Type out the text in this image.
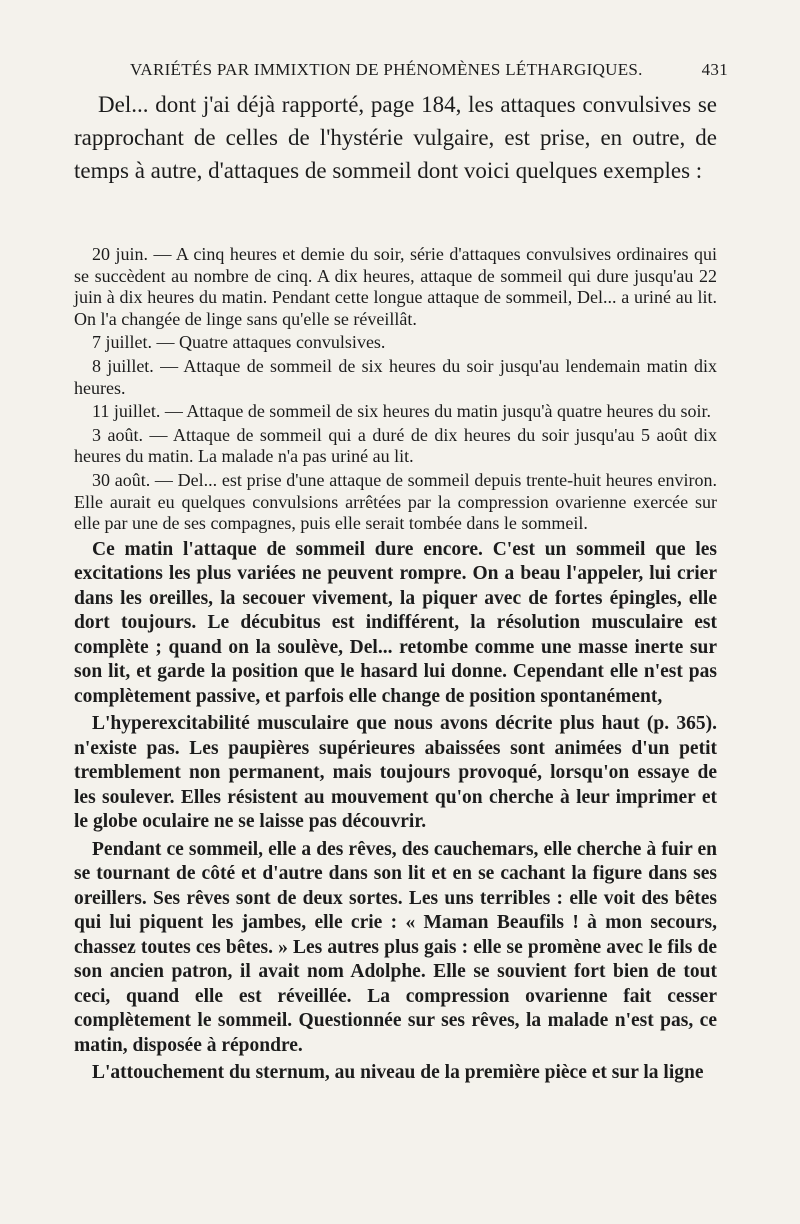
VARIÉTÉS PAR IMMIXTION DE PHÉNOMÈNES LÉTHARGIQUES.	431

Del... dont j'ai déjà rapporté, page 184, les attaques convulsives se rapprochant de celles de l'hystérie vulgaire, est prise, en outre, de temps à autre, d'attaques de sommeil dont voici quelques exemples :

20 juin. — A cinq heures et demie du soir, série d'attaques convulsives ordinaires qui se succèdent au nombre de cinq. A dix heures, attaque de sommeil qui dure jusqu'au 22 juin à dix heures du matin. Pendant cette longue attaque de sommeil, Del... a uriné au lit. On l'a changée de linge sans qu'elle se réveillât.

7 juillet. — Quatre attaques convulsives.

8 juillet. — Attaque de sommeil de six heures du soir jusqu'au lendemain matin dix heures.

11 juillet. — Attaque de sommeil de six heures du matin jusqu'à quatre heures du soir.

3 août. — Attaque de sommeil qui a duré de dix heures du soir jusqu'au 5 août dix heures du matin. La malade n'a pas uriné au lit.

30 août. — Del... est prise d'une attaque de sommeil depuis trente-huit heures environ. Elle aurait eu quelques convulsions arrêtées par la compression ovarienne exercée sur elle par une de ses compagnes, puis elle serait tombée dans le sommeil.

Ce matin l'attaque de sommeil dure encore. C'est un sommeil que les excitations les plus variées ne peuvent rompre. On a beau l'appeler, lui crier dans les oreilles, la secouer vivement, la piquer avec de fortes épingles, elle dort toujours. Le décubitus est indifférent, la résolution musculaire est complète ; quand on la soulève, Del... retombe comme une masse inerte sur son lit, et garde la position que le hasard lui donne. Cependant elle n'est pas complètement passive, et parfois elle change de position spontanément,

L'hyperexcitabilité musculaire que nous avons décrite plus haut (p. 365). n'existe pas. Les paupières supérieures abaissées sont animées d'un petit tremblement non permanent, mais toujours provoqué, lorsqu'on essaye de les soulever. Elles résistent au mouvement qu'on cherche à leur imprimer et le globe oculaire ne se laisse pas découvrir.

Pendant ce sommeil, elle a des rêves, des cauchemars, elle cherche à fuir en se tournant de côté et d'autre dans son lit et en se cachant la figure dans ses oreillers. Ses rêves sont de deux sortes. Les uns terribles : elle voit des bêtes qui lui piquent les jambes, elle crie : « Maman Beaufils ! à mon secours, chassez toutes ces bêtes. » Les autres plus gais : elle se promène avec le fils de son ancien patron, il avait nom Adolphe. Elle se souvient fort bien de tout ceci, quand elle est réveillée. La compression ovarienne fait cesser complètement le sommeil. Questionnée sur ses rêves, la malade n'est pas, ce matin, disposée à répondre.

L'attouchement du sternum, au niveau de la première pièce et sur la ligne
